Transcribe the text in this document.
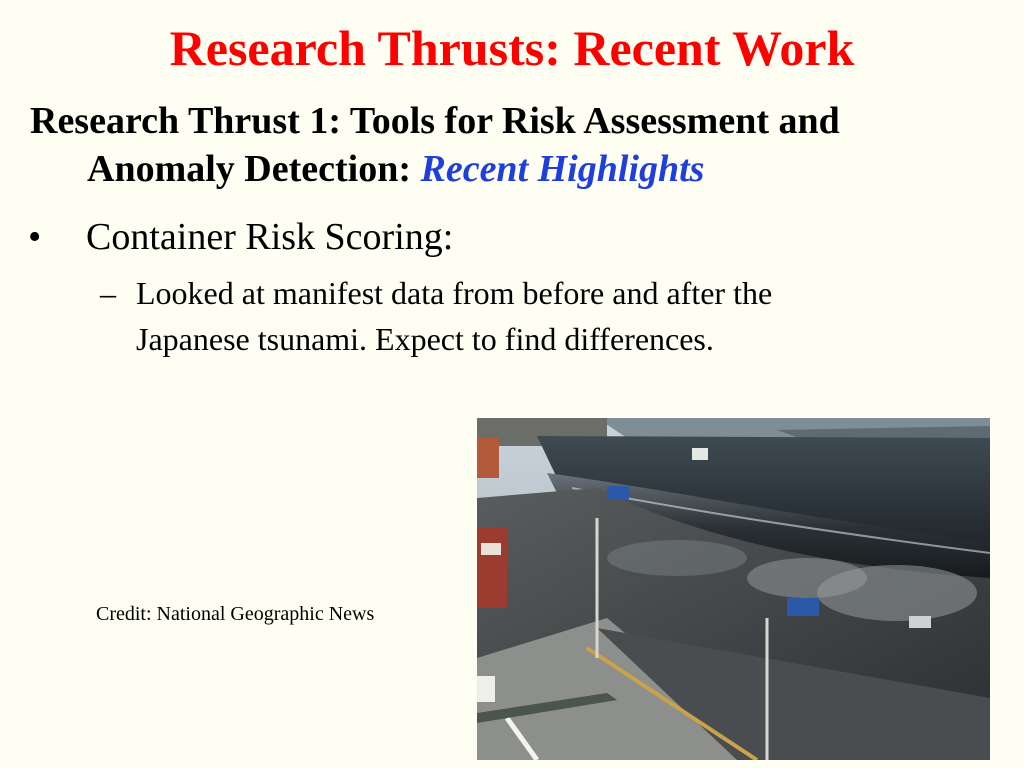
Research Thrusts: Recent Work
Research Thrust 1: Tools for Risk Assessment and
Anomaly Detection: Recent Highlights
• Container Risk Scoring:
– Looked at manifest data from before and after the
Japanese tsunami. Expect to find differences.
Credit: National Geographic News
